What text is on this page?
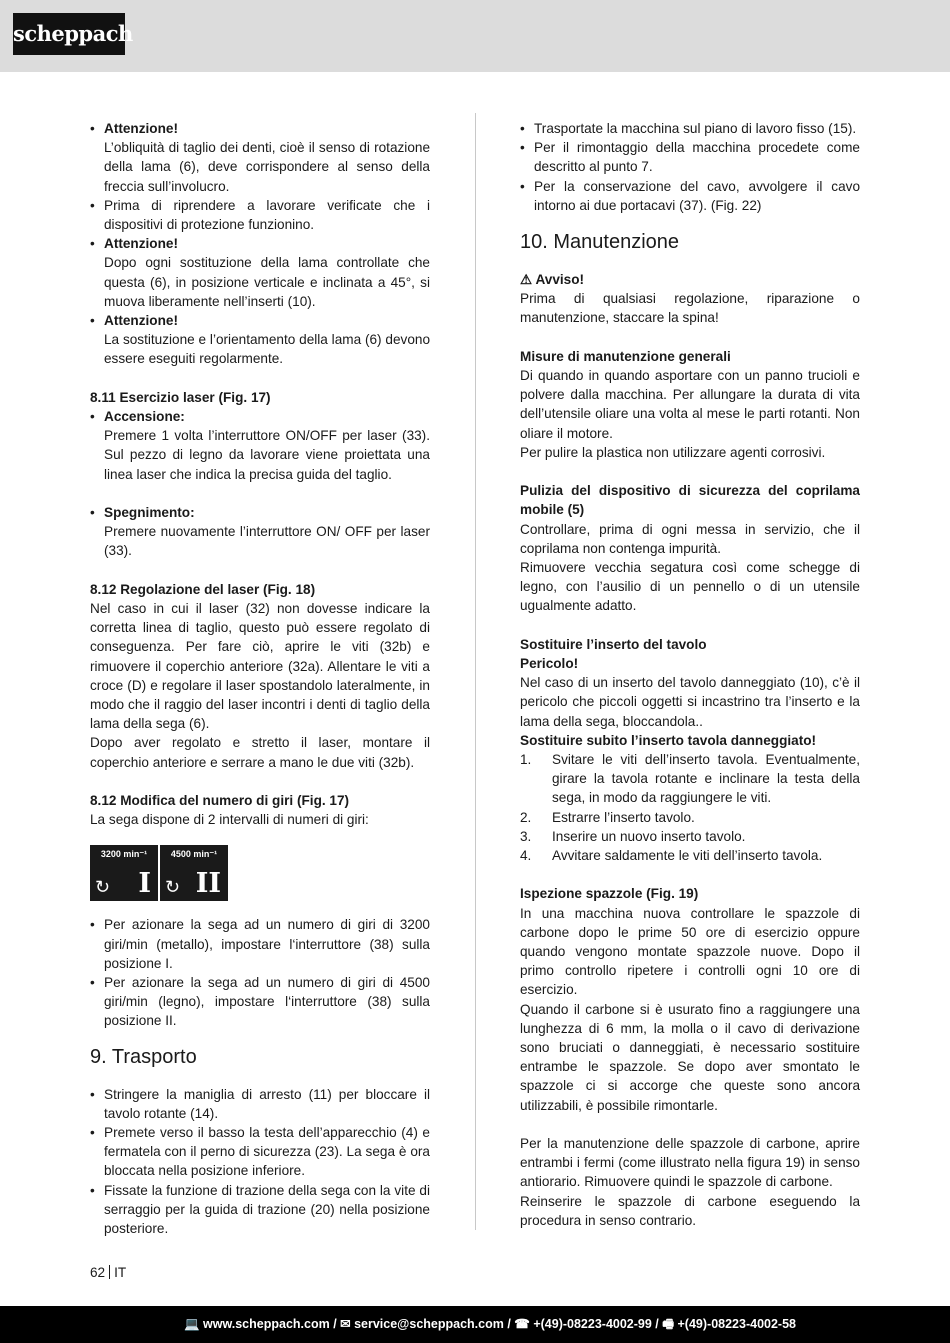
scheppach

• Attenzione!

L’obliquità di taglio dei denti, cioè il senso di rotazione della lama (6), deve corrispondere al senso della freccia sull’involucro.

• Prima di riprendere a lavorare verificate che i dispositivi di protezione funzionino.

• Attenzione!

Dopo ogni sostituzione della lama controllate che questa (6), in posizione verticale e inclinata a 45°, si muova liberamente nell’inserti (10).

• Attenzione!

La sostituzione e l’orientamento della lama (6) devono essere eseguiti regolarmente.

8.11 Esercizio laser (Fig. 17)

• Accensione:

Premere 1 volta l’interruttore ON/OFF per laser (33). Sul pezzo di legno da lavorare viene proiettata una linea laser che indica la precisa guida del taglio.

• Spegnimento:

Premere nuovamente l’interruttore ON/ OFF per laser (33).

8.12 Regolazione del laser (Fig. 18)

Nel caso in cui il laser (32) non dovesse indicare la corretta linea di taglio, questo può essere regolato di conseguenza. Per fare ciò, aprire le viti (32b) e rimuovere il coperchio anteriore (32a). Allentare le viti a croce (D) e regolare il laser spostandolo lateralmente, in modo che il raggio del laser incontri i denti di taglio della lama della sega (6).

Dopo aver regolato e stretto il laser, montare il coperchio anteriore e serrare a mano le due viti (32b).

8.12 Modifica del numero di giri (Fig. 17)

La sega dispone di 2 intervalli di numeri di giri:

3200 min⁻¹
↻ I
4500 min⁻¹
↻ II

• Per azionare la sega ad un numero di giri di 3200 giri/min (metallo), impostare l‘interruttore (38) sulla posizione I.

• Per azionare la sega ad un numero di giri di 4500 giri/min (legno), impostare l‘interruttore (38) sulla posizione II.

9. Trasporto

• Stringere la maniglia di arresto (11) per bloccare il tavolo rotante (14).

• Premete verso il basso la testa dell’apparecchio (4) e fermatela con il perno di sicurezza (23). La sega è ora bloccata nella posizione inferiore.

• Fissate la funzione di trazione della sega con la vite di serraggio per la guida di trazione (20) nella posizione posteriore.

• Trasportate la macchina sul piano di lavoro fisso (15).

• Per il rimontaggio della macchina procedete come descritto al punto 7.

• Per la conservazione del cavo, avvolgere il cavo intorno ai due portacavi (37). (Fig. 22)

10. Manutenzione

⚠ Avviso!

Prima di qualsiasi regolazione, riparazione o manutenzione, staccare la spina!

Misure di manutenzione generali

Di quando in quando asportare con un panno trucioli e polvere dalla macchina. Per allungare la durata di vita dell’utensile oliare una volta al mese le parti rotanti. Non oliare il motore.

Per pulire la plastica non utilizzare agenti corrosivi.

Pulizia del dispositivo di sicurezza del coprilama mobile (5)

Controllare, prima di ogni messa in servizio, che il coprilama non contenga impurità.

Rimuovere vecchia segatura così come schegge di legno, con l’ausilio di un pennello o di un utensile ugualmente adatto.

Sostituire l’inserto del tavolo

Pericolo!

Nel caso di un inserto del tavolo danneggiato (10), c’è il pericolo che piccoli oggetti si incastrino tra l’inserto e la lama della sega, bloccandola..

Sostituire subito l’inserto tavola danneggiato!

1. Svitare le viti dell’inserto tavola. Eventualmente, girare la tavola rotante e inclinare la testa della sega, in modo da raggiungere le viti.

2. Estrarre l’inserto tavolo.

3. Inserire un nuovo inserto tavolo.

4. Avvitare saldamente le viti dell’inserto tavola.

Ispezione spazzole (Fig. 19)

In una macchina nuova controllare le spazzole di carbone dopo le prime 50 ore di esercizio oppure quando vengono montate spazzole nuove. Dopo il primo controllo ripetere i controlli ogni 10 ore di esercizio.

Quando il carbone si è usurato fino a raggiungere una lunghezza di 6 mm, la molla o il cavo di derivazione sono bruciati o danneggiati, è necessario sostituire entrambe le spazzole. Se dopo aver smontato le spazzole ci si accorge che queste sono ancora utilizzabili, è possibile rimontarle.

Per la manutenzione delle spazzole di carbone, aprire entrambi i fermi (come illustrato nella figura 19) in senso antiorario. Rimuovere quindi le spazzole di carbone.

Reinserire le spazzole di carbone eseguendo la procedura in senso contrario.

62 IT
💻 www.scheppach.com / ✉ service@scheppach.com / ☎ +(49)-08223-4002-99 / 🖷 +(49)-08223-4002-58
